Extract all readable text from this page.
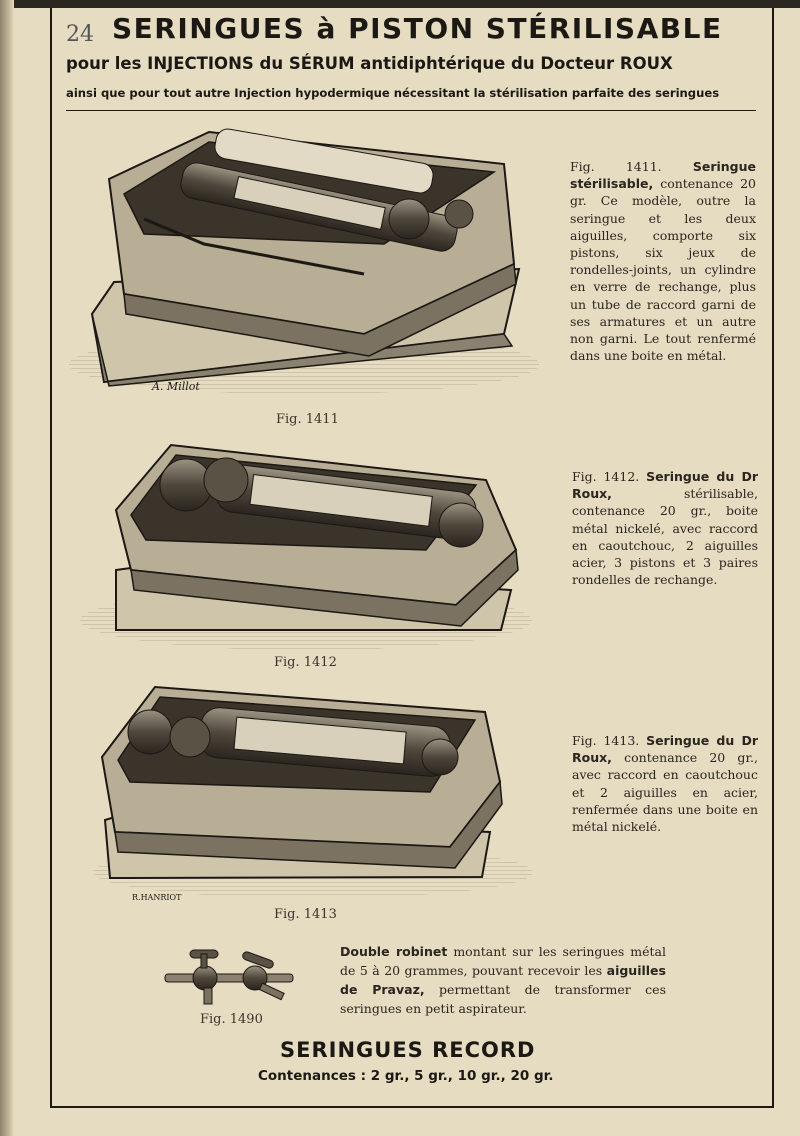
24 SERINGUES à PISTON STÉRILISABLE
pour les INJECTIONS du SÉRUM antidiphtérique du Docteur ROUX
ainsi que pour tout autre Injection hypodermique nécessitant la stérilisation parfaite des seringues
A. Millot
Fig. 1411
Fig. 1411. Seringue stérilisable, contenance 20 gr. Ce modèle, outre la seringue et les deux aiguilles, comporte six pistons, six jeux de rondelles-joints, un cylindre en verre de rechange, plus un tube de raccord garni de ses armatures et un autre non garni. Le tout renfermé dans une boite en métal.
Fig. 1412
Fig. 1412. Seringue du Dr Roux,	stérilisable, contenance 20 gr., boite métal nickelé, avec raccord en caoutchouc, 2 aiguilles acier, 3 pistons et 3 paires rondelles de rechange.
R.HANRIOT
Fig. 1413
Fig. 1413. Seringue du Dr Roux, contenance 20 gr., avec raccord en caoutchouc et 2 aiguilles en acier, renfermée dans une boite en métal nickelé.
Fig. 1490
Double robinet montant sur les seringues métal de 5 à 20 grammes, pouvant recevoir les aiguilles de Pravaz, permettant de transformer ces seringues en petit aspirateur.
SERINGUES RECORD
Contenances : 2 gr., 5 gr., 10 gr., 20 gr.
